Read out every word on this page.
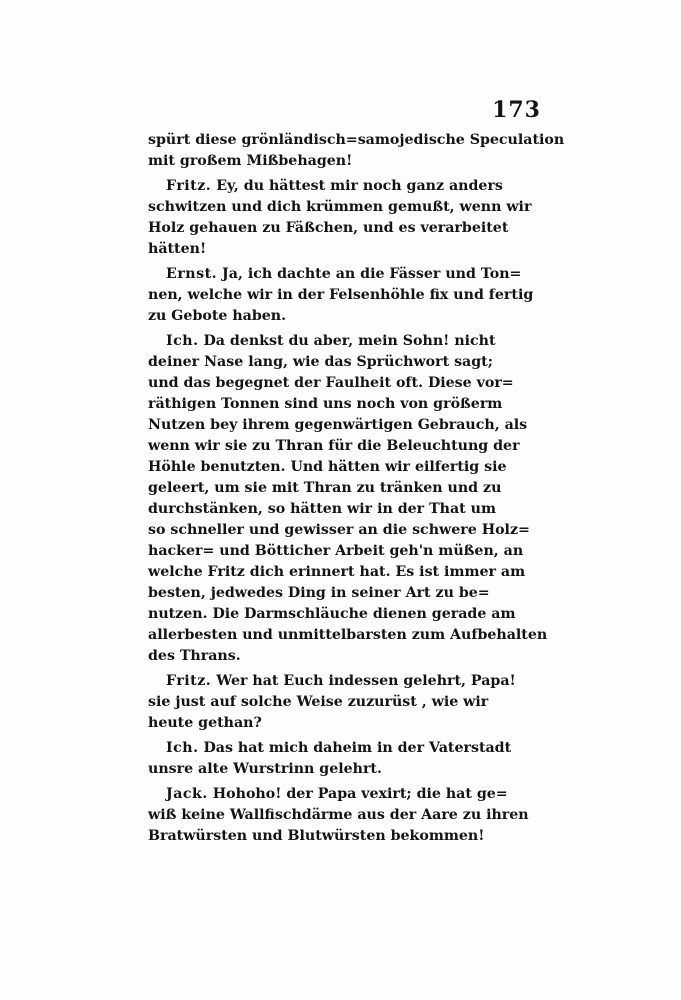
173
spürt diese grönländisch=samojedische Speculation
mit großem Mißbehagen!
Fritz. Ey, du hättest mir noch ganz anders
schwitzen und dich krümmen gemußt, wenn wir
Holz gehauen zu Fäßchen, und es verarbeitet
hätten!
Ernst. Ja, ich dachte an die Fässer und Ton=
nen, welche wir in der Felsenhöhle fix und fertig
zu Gebote haben.
Ich. Da denkst du aber, mein Sohn! nicht
deiner Nase lang, wie das Sprüchwort sagt;
und das begegnet der Faulheit oft. Diese vor=
räthigen Tonnen sind uns noch von größerm
Nutzen bey ihrem gegenwärtigen Gebrauch, als
wenn wir sie zu Thran für die Beleuchtung der
Höhle benutzten. Und hätten wir eilfertig sie
geleert, um sie mit Thran zu tränken und zu
durchstänken, so hätten wir in der That um
so schneller und gewisser an die schwere Holz=
hacker= und Bötticher Arbeit geh'n müßen, an
welche Fritz dich erinnert hat. Es ist immer am
besten, jedwedes Ding in seiner Art zu be=
nutzen. Die Darmschläuche dienen gerade am
allerbesten und unmittelbarsten zum Aufbehalten
des Thrans.
Fritz. Wer hat Euch indessen gelehrt, Papa!
sie just auf solche Weise zuzurüst , wie wir
heute gethan?
Ich. Das hat mich daheim in der Vaterstadt
unsre alte Wurstrinn gelehrt.
Jack. Hohoho! der Papa vexirt; die hat ge=
wiß keine Wallfischdärme aus der Aare zu ihren
Bratwürsten und Blutwürsten bekommen!
